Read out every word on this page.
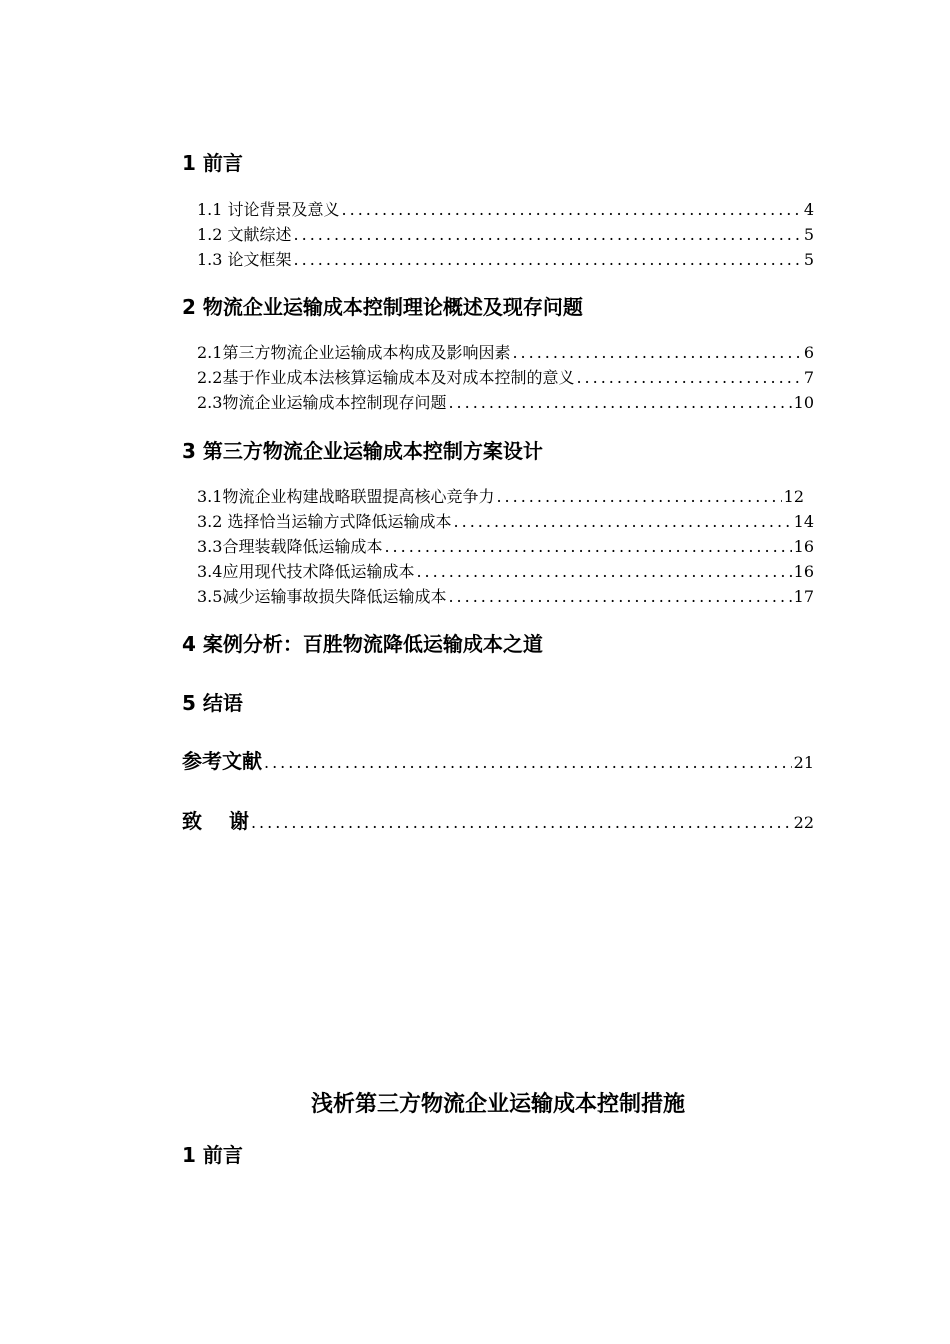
1 前言
1.1 讨论背景及意义 .....	4
1.2 文献综述 .....	5
1.3 论文框架 .....	5
2 物流企业运输成本控制理论概述及现存问题
2.1第三方物流企业运输成本构成及影响因素 .....	6
2.2基于作业成本法核算运输成本及对成本控制的意义 .....	7
2.3物流企业运输成本控制现存问题 .....	10
3 第三方物流企业运输成本控制方案设计
3.1物流企业构建战略联盟提高核心竞争力 .....	12
3.2 选择恰当运输方式降低运输成本 .....	14
3.3合理装载降低运输成本 .....	16
3.4应用现代技术降低运输成本 .....	16
3.5减少运输事故损失降低运输成本 .....	17
4 案例分析：百胜物流降低运输成本之道
5 结语
参考文献 .....	21
致　 谢 .....	22
浅析第三方物流企业运输成本控制措施
1 前言
